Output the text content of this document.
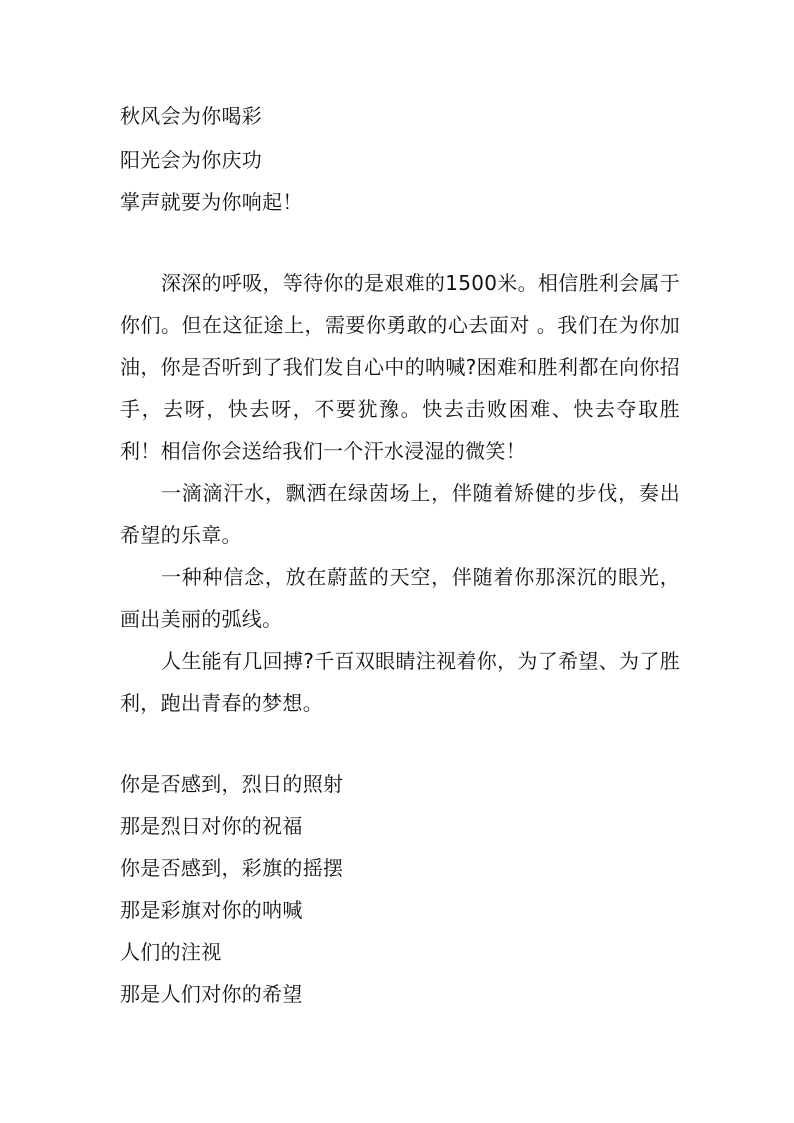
秋风会为你喝彩
阳光会为你庆功
掌声就要为你响起！
深深的呼吸，等待你的是艰难的1500米。相信胜利会属于你们。但在这征途上，需要你勇敢的心去面对 。我们在为你加油，你是否听到了我们发自心中的呐喊?困难和胜利都在向你招手，去呀，快去呀，不要犹豫。快去击败困难、快去夺取胜利！相信你会送给我们一个汗水浸湿的微笑！
一滴滴汗水，飘洒在绿茵场上，伴随着矫健的步伐，奏出希望的乐章。
一种种信念，放在蔚蓝的天空，伴随着你那深沉的眼光，画出美丽的弧线。
人生能有几回搏?千百双眼睛注视着你，为了希望、为了胜利，跑出青春的梦想。
你是否感到，烈日的照射
那是烈日对你的祝福
你是否感到，彩旗的摇摆
那是彩旗对你的呐喊
人们的注视
那是人们对你的希望
